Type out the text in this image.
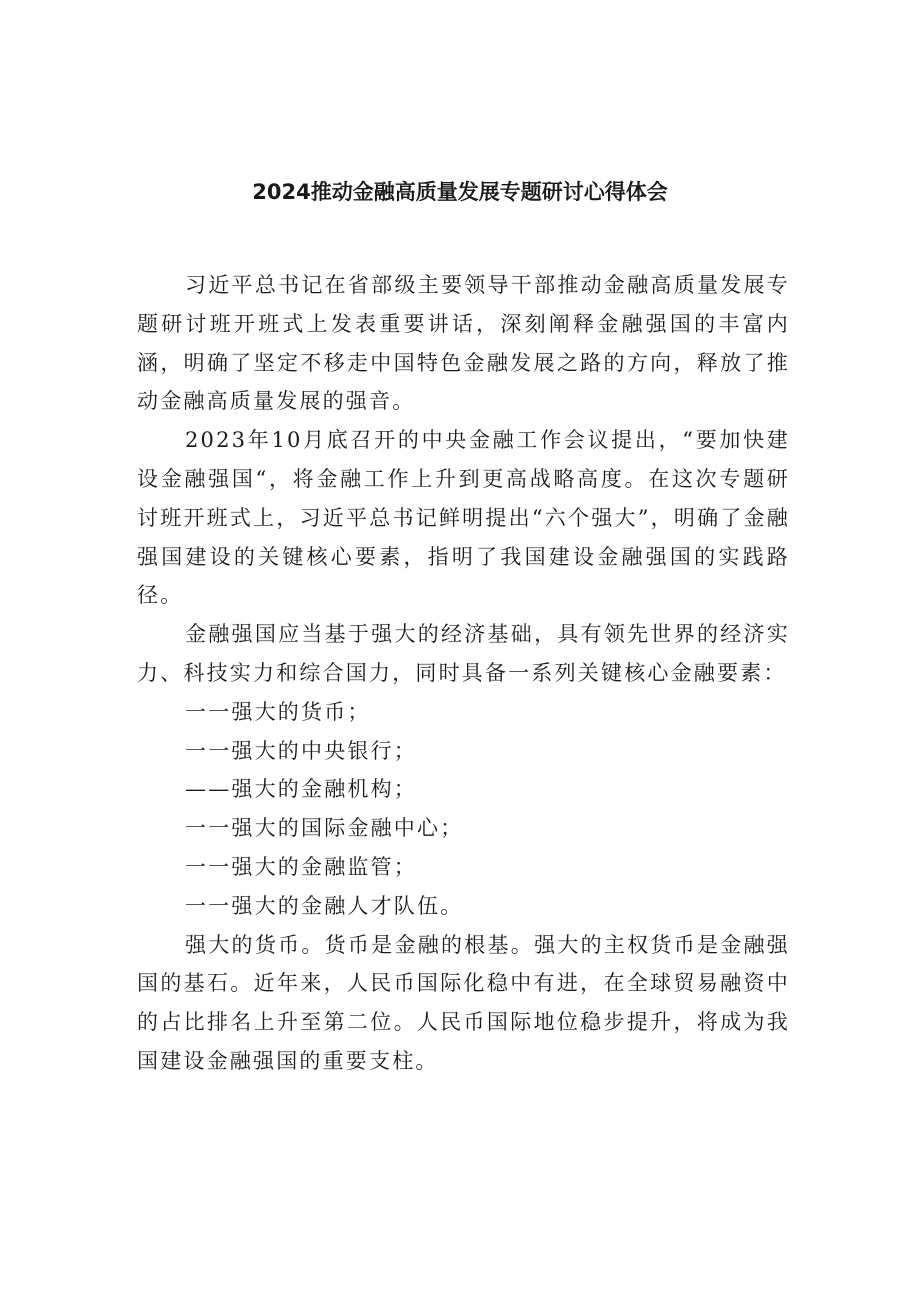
2024推动金融高质量发展专题研讨心得体会

习近平总书记在省部级主要领导干部推动金融高质量发展专题研讨班开班式上发表重要讲话，深刻阐释金融强国的丰富内涵，明确了坚定不移走中国特色金融发展之路的方向，释放了推动金融高质量发展的强音。

2023年10月底召开的中央金融工作会议提出，“要加快建设金融强国“，将金融工作上升到更高战略高度。在这次专题研讨班开班式上，习近平总书记鲜明提出“六个强大”，明确了金融强国建设的关键核心要素，指明了我国建设金融强国的实践路径。

金融强国应当基于强大的经济基础，具有领先世界的经济实力、科技实力和综合国力，同时具备一系列关键核心金融要素：

一一强大的货币；

一一强大的中央银行；

——强大的金融机构；

一一强大的国际金融中心；

一一强大的金融监管；

一一强大的金融人才队伍。

强大的货币。货币是金融的根基。强大的主权货币是金融强国的基石。近年来，人民币国际化稳中有进，在全球贸易融资中的占比排名上升至第二位。人民币国际地位稳步提升，将成为我国建设金融强国的重要支柱。
